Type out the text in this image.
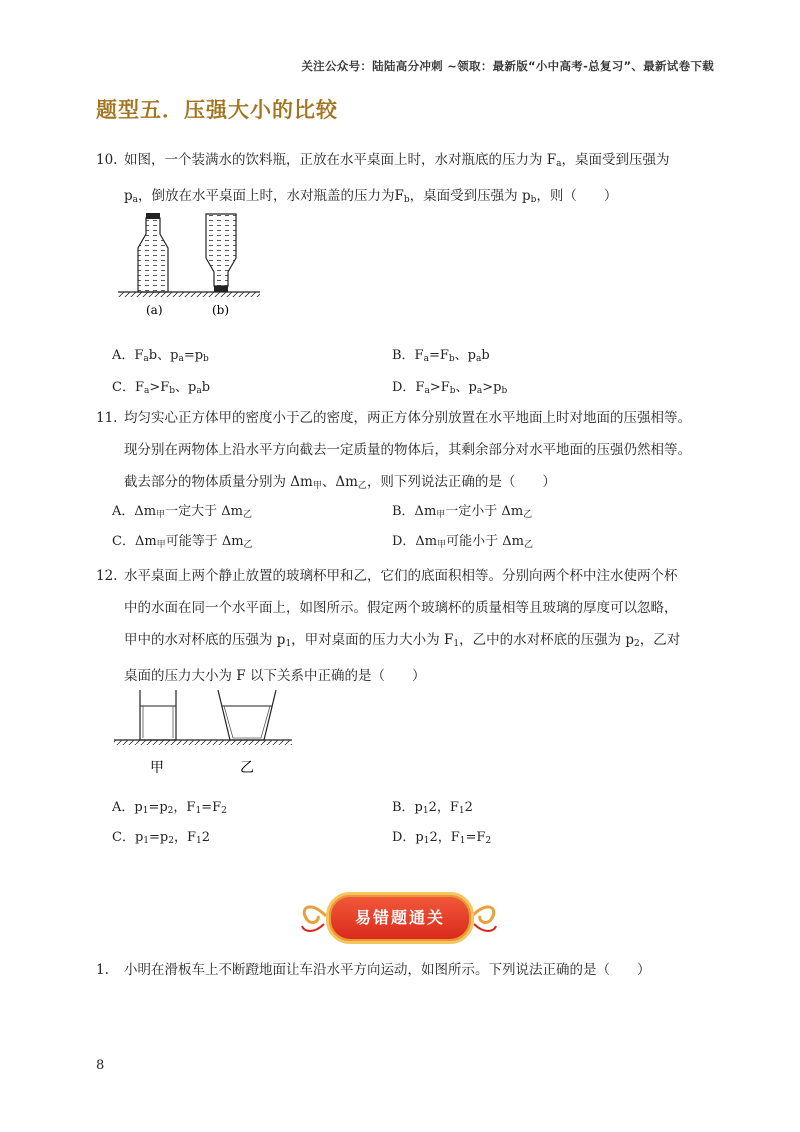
关注公众号：陆陆高分冲刺 ~领取：最新版“小中高考-总复习”、最新试卷下载
题型五．压强大小的比较
10. 如图，一个装满水的饮料瓶，正放在水平桌面上时，水对瓶底的压力为 $F_a$，桌面受到压强为
$p_a$，倒放在水平桌面上时，水对瓶盖的压力为$F_b$，桌面受到压强为 $p_b$，则（　　）
(a)	(b)
A．$F_ab$、$p_a=p_b$	B．$F_a=F_b$、$p_ab$
C．$F_a>F_b$、$p_ab$	D．$F_a>F_b$、$p_a>p_b$
11. 均匀实心正方体甲的密度小于乙的密度，两正方体分别放置在水平地面上时对地面的压强相等。
现分别在两物体上沿水平方向截去一定质量的物体后，其剩余部分对水平地面的压强仍然相等。
截去部分的物体质量分别为 $\Delta m_甲$、$\Delta m_乙$，则下列说法正确的是（　　）
A．$\Delta m_甲$一定大于 $\Delta m_乙$	B．$\Delta m_甲$一定小于 $\Delta m_乙$
C．$\Delta m_甲$可能等于 $\Delta m_乙$	D．$\Delta m_甲$可能小于 $\Delta m_乙$
12. 水平桌面上两个静止放置的玻璃杯甲和乙，它们的底面积相等。分别向两个杯中注水使两个杯
中的水面在同一个水平面上，如图所示。假定两个玻璃杯的质量相等且玻璃的厚度可以忽略，
甲中的水对杯底的压强为 $p_1$，甲对桌面的压力大小为 $F_1$，乙中的水对杯底的压强为 $p_2$，乙对
桌面的压力大小为 F 以下关系中正确的是（　　）
甲	乙
A．$p_1=p_2$，$F_1=F_2$	B．$p_12$，$F_12$
C．$p_1=p_2$，$F_12$	D．$p_12$，$F_1=F_2$
易错题通关
1. 小明在滑板车上不断蹬地面让车沿水平方向运动，如图所示。下列说法正确的是（　　）
8
